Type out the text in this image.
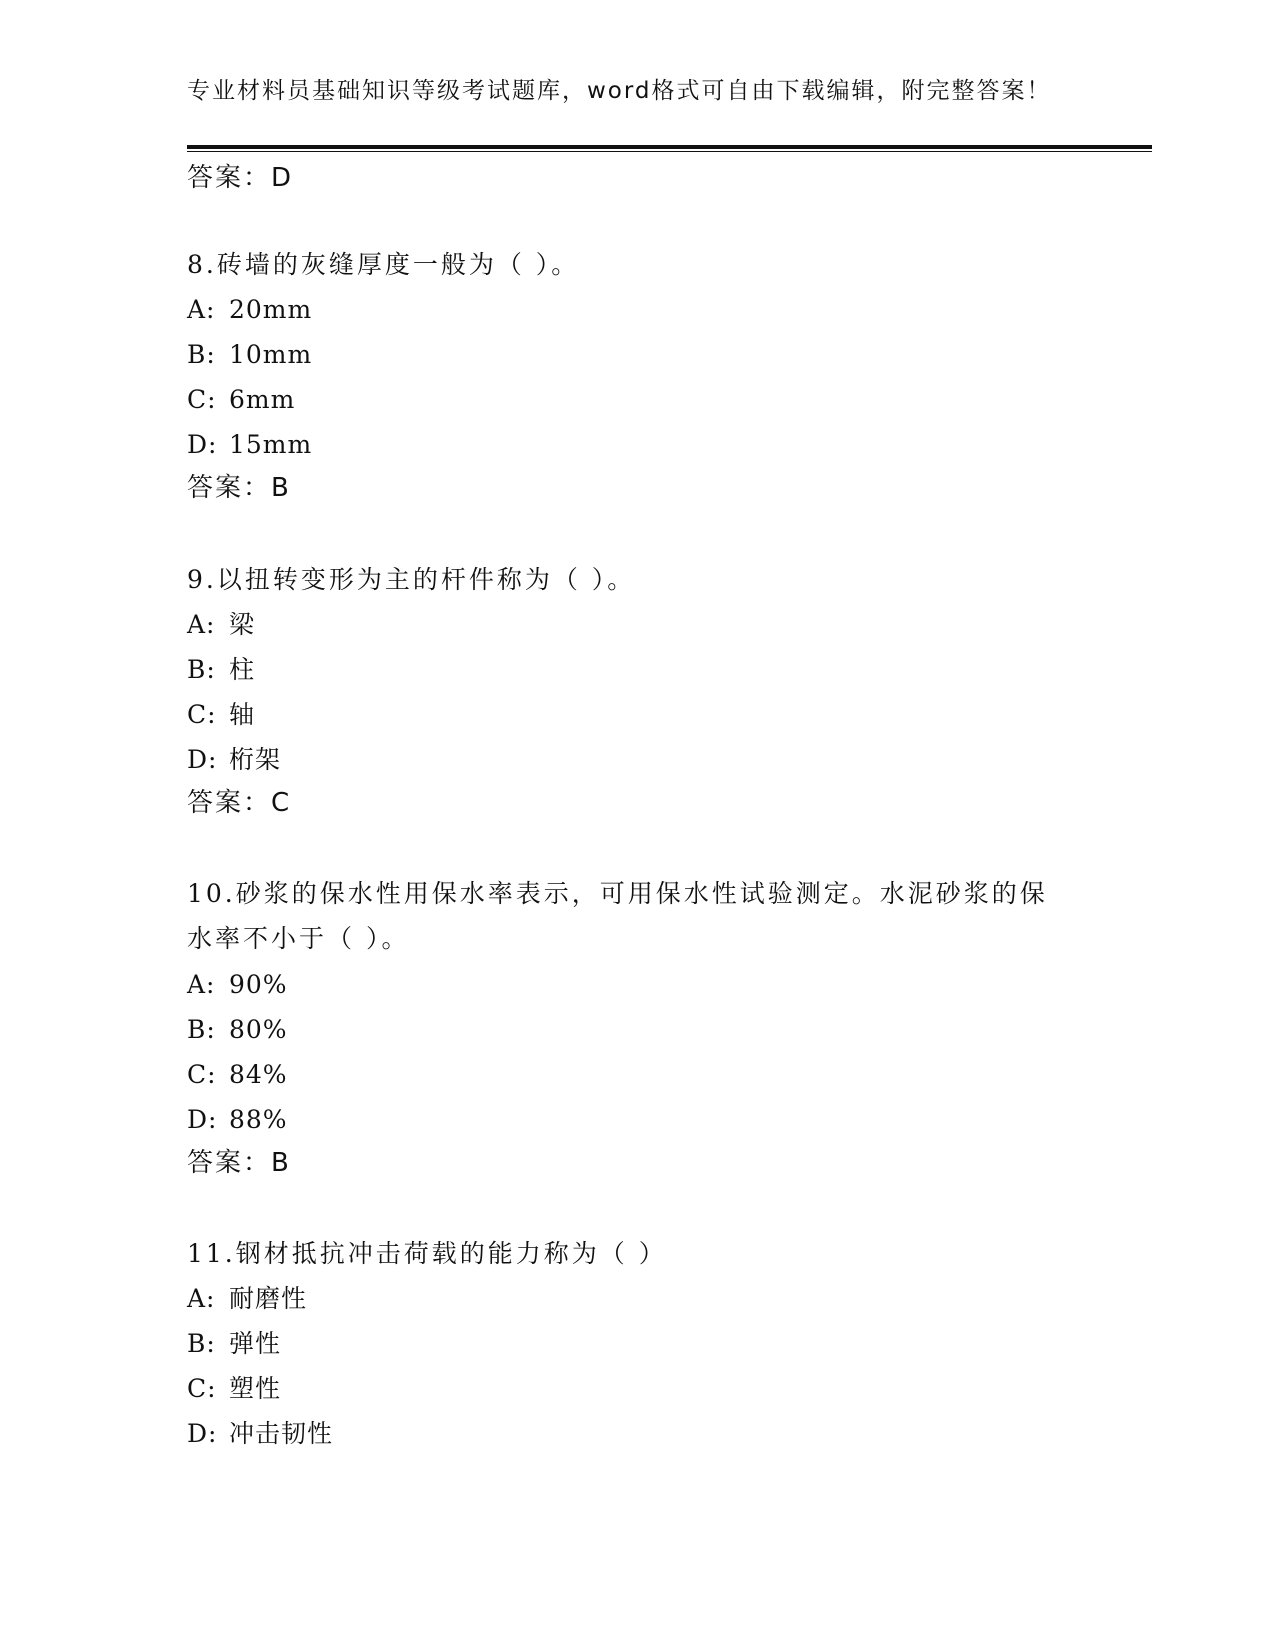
专业材料员基础知识等级考试题库，word格式可自由下载编辑，附完整答案！
答案：D
8.砖墙的灰缝厚度一般为（ ）。
A: 20mm
B: 10mm
C: 6mm
D: 15mm
答案：B
9.以扭转变形为主的杆件称为（ ）。
A: 梁
B: 柱
C: 轴
D: 桁架
答案：C
10.砂浆的保水性用保水率表示，可用保水性试验测定。水泥砂浆的保
水率不小于（ ）。
A: 90%
B: 80%
C: 84%
D: 88%
答案：B
11.钢材抵抗冲击荷载的能力称为（ ）
A: 耐磨性
B: 弹性
C: 塑性
D: 冲击韧性
